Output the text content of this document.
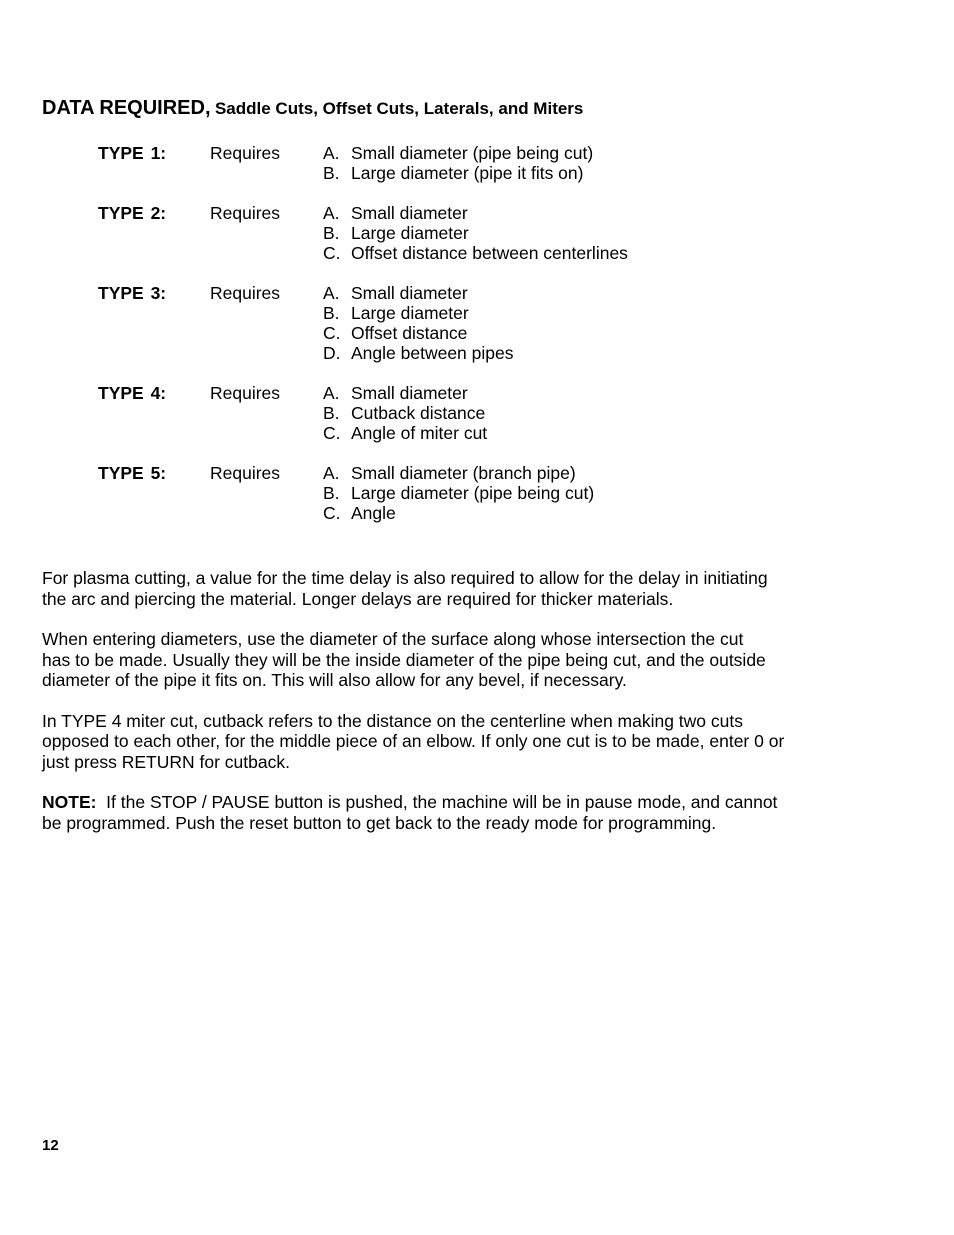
DATA REQUIRED, Saddle Cuts, Offset Cuts, Laterals, and Miters
TYPE 1:	Requires A. Small diameter (pipe being cut)
B. Large diameter (pipe it fits on)
TYPE 2:	Requires A. Small diameter
B. Large diameter
C. Offset distance between centerlines
TYPE 3:	Requires A. Small diameter
B. Large diameter
C. Offset distance
D. Angle between pipes
TYPE 4:	Requires A. Small diameter
B. Cutback distance
C. Angle of miter cut
TYPE 5:	Requires A. Small diameter (branch pipe)
B. Large diameter (pipe being cut)
C. Angle

For plasma cutting, a value for the time delay is also required to allow for the delay in initiating
the arc and piercing the material. Longer delays are required for thicker materials.

When entering diameters, use the diameter of the surface along whose intersection the cut
has to be made. Usually they will be the inside diameter of the pipe being cut, and the outside
diameter of the pipe it fits on. This will also allow for any bevel, if necessary.

In TYPE 4 miter cut, cutback refers to the distance on the centerline when making two cuts
opposed to each other, for the middle piece of an elbow. If only one cut is to be made, enter 0 or
just press RETURN for cutback.

NOTE:  If the STOP / PAUSE button is pushed, the machine will be in pause mode, and cannot
be programmed. Push the reset button to get back to the ready mode for programming.

12
